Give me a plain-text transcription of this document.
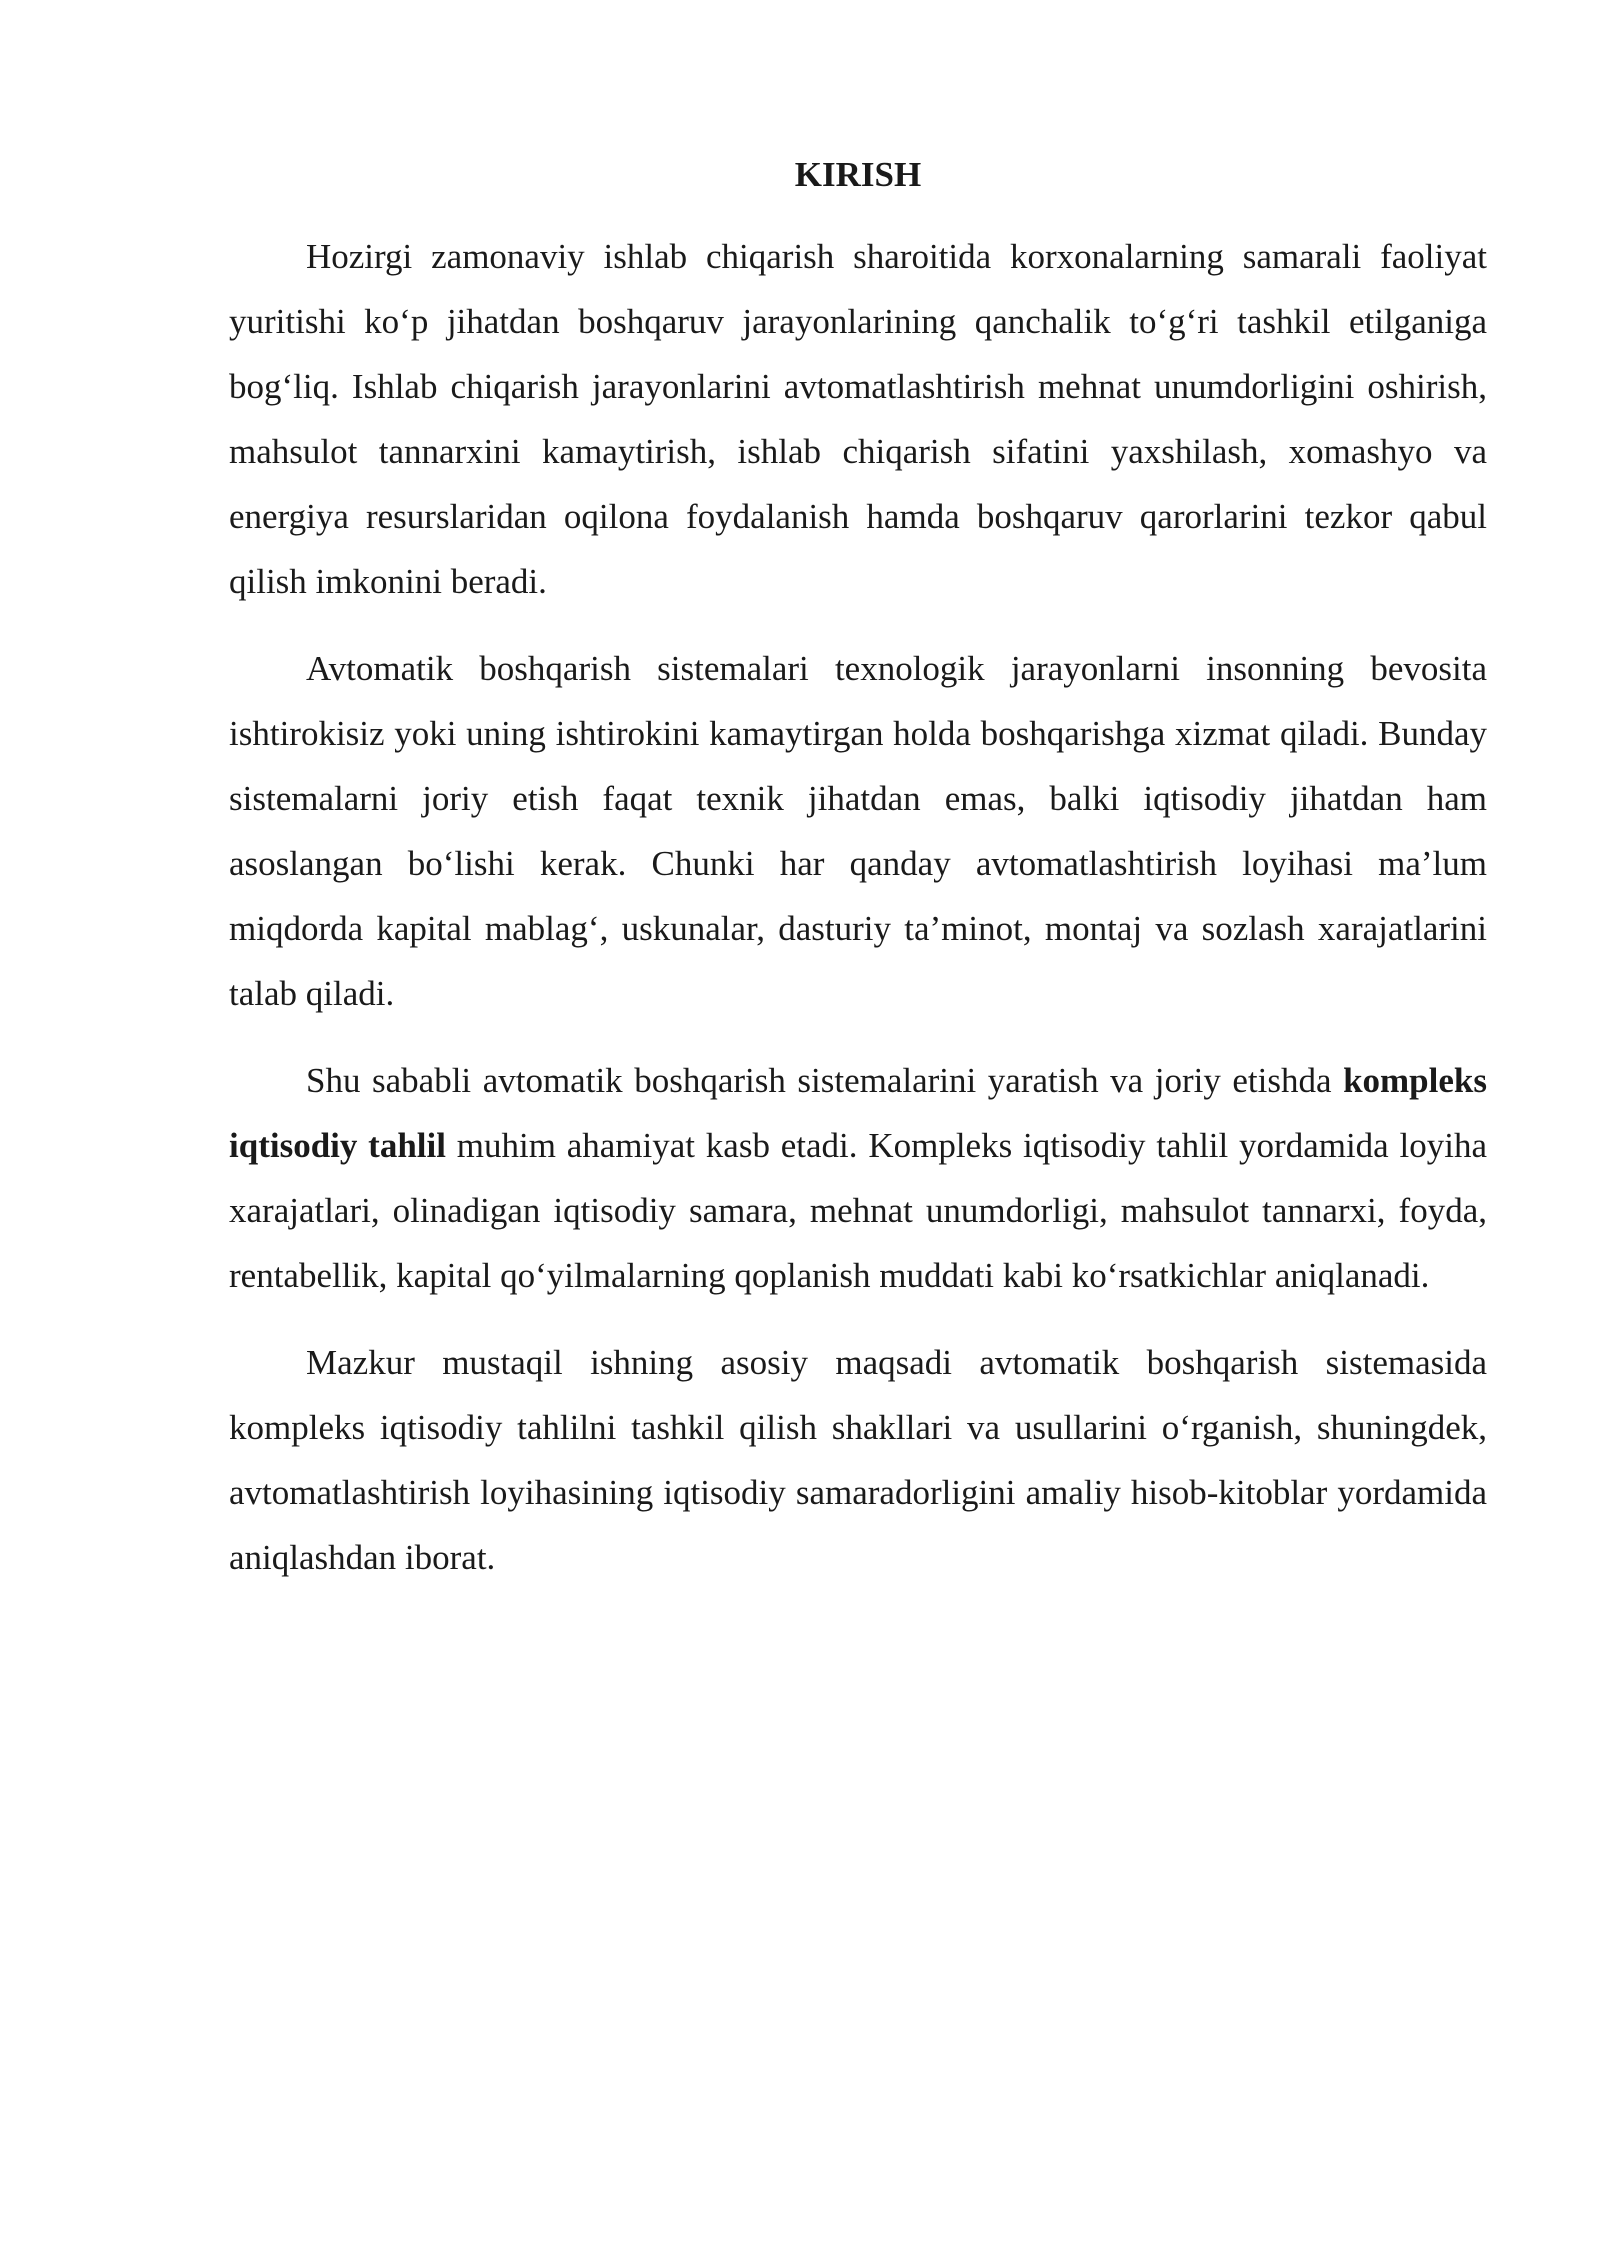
KIRISH

Hozirgi zamonaviy ishlab chiqarish sharoitida korxonalarning samarali faoliyat yuritishi ko‘p jihatdan boshqaruv jarayonlarining qanchalik to‘g‘ri tashkil etilganiga bog‘liq. Ishlab chiqarish jarayonlarini avtomatlashtirish mehnat unumdorligini oshirish, mahsulot tannarxini kamaytirish, ishlab chiqarish sifatini yaxshilash, xomashyo va energiya resurslaridan oqilona foydalanish hamda boshqaruv qarorlarini tezkor qabul qilish imkonini beradi.

Avtomatik boshqarish sistemalari texnologik jarayonlarni insonning bevosita ishtirokisiz yoki uning ishtirokini kamaytirgan holda boshqarishga xizmat qiladi. Bunday sistemalarni joriy etish faqat texnik jihatdan emas, balki iqtisodiy jihatdan ham asoslangan bo‘lishi kerak. Chunki har qanday avtomatlashtirish loyihasi ma’lum miqdorda kapital mablag‘, uskunalar, dasturiy ta’minot, montaj va sozlash xarajatlarini talab qiladi.

Shu sababli avtomatik boshqarish sistemalarini yaratish va joriy etishda kompleks iqtisodiy tahlil muhim ahamiyat kasb etadi. Kompleks iqtisodiy tahlil yordamida loyiha xarajatlari, olinadigan iqtisodiy samara, mehnat unumdorligi, mahsulot tannarxi, foyda, rentabellik, kapital qo‘yilmalarning qoplanish muddati kabi ko‘rsatkichlar aniqlanadi.

Mazkur mustaqil ishning asosiy maqsadi avtomatik boshqarish sistemasida kompleks iqtisodiy tahlilni tashkil qilish shakllari va usullarini o‘rganish, shuningdek, avtomatlashtirish loyihasining iqtisodiy samaradorligini amaliy hisob-kitoblar yordamida aniqlashdan iborat.
